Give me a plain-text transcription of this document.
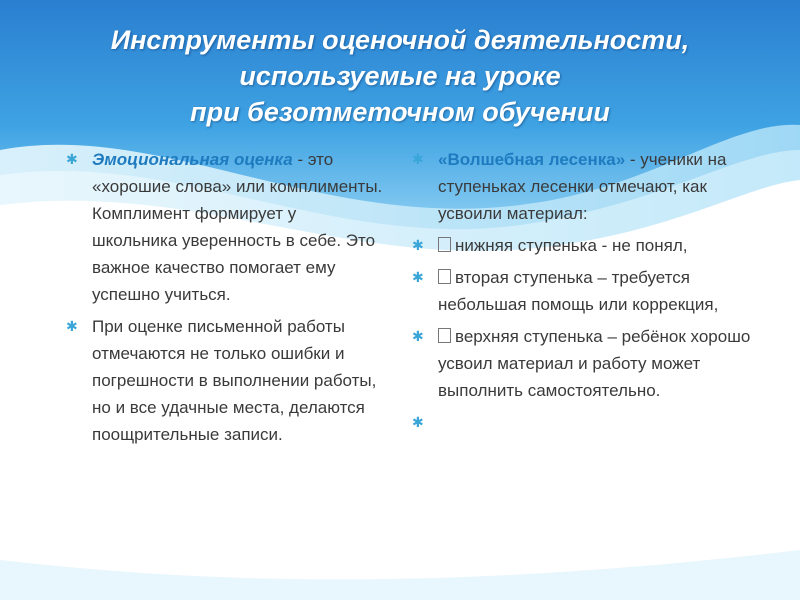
Инструменты оценочной деятельности,
используемые на уроке
при безотметочном обучении
✱ Эмоциональная оценка - это «хорошие слова» или комплименты. Комплимент формирует у школьника уверенность в себе. Это важное качество помогает ему успешно учиться.
✱ При оценке письменной работы отмечаются не только ошибки и погрешности в выполнении работы, но и все удачные места, делаются поощрительные записи.
✱ «Волшебная лесенка» - ученики на ступеньках лесенки отмечают, как усвоили материал:
✱ нижняя ступенька - не понял,
✱ вторая ступенька – требуется небольшая помощь или коррекция,
✱ верхняя ступенька – ребёнок хорошо усвоил материал и работу может выполнить самостоятельно.
✱
